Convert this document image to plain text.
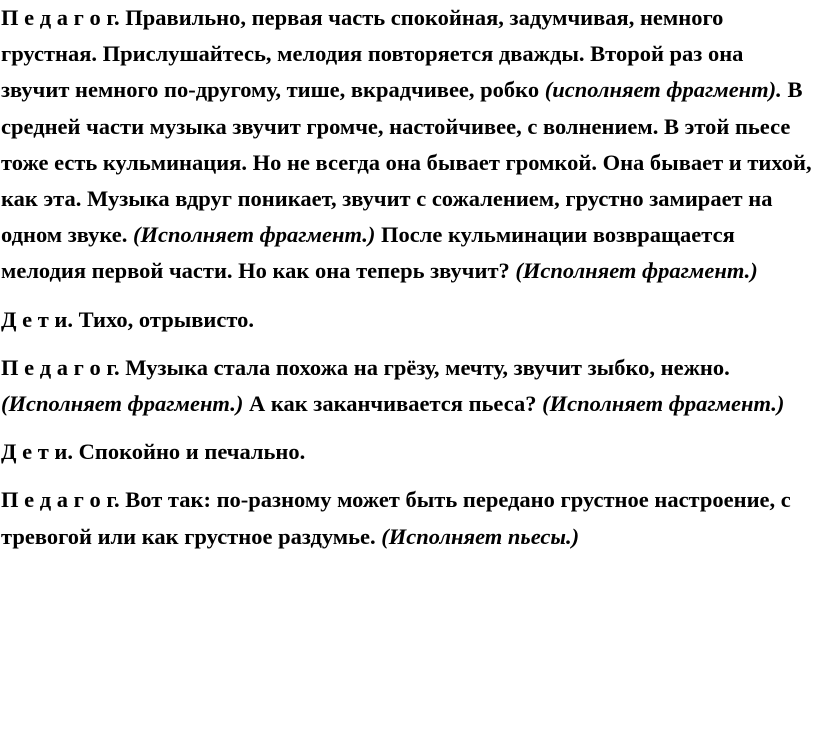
П е д а г о г. Правильно, первая часть спокойная, задумчивая, немного грустная. Прислушайтесь, мелодия повторяется дважды. Второй раз она звучит немного по-другому, тише, вкрадчивее, робко (исполняет фрагмент). В средней части музыка звучит громче, настойчивее, с волнением. В этой пьесе тоже есть кульминация. Но не всегда она бывает громкой. Она бывает и тихой, как эта. Музыка вдруг поникает, звучит с сожалением, грустно замирает на одном звуке. (Исполняет фрагмент.) После кульминации возвращается мелодия первой части. Но как она теперь звучит? (Исполняет фрагмент.)

Д е т и. Тихо, отрывисто.

П е д а г о г. Музыка стала похожа на грёзу, мечту, звучит зыбко, нежно. (Исполняет фрагмент.) А как заканчивается пьеса? (Исполняет фрагмент.)

Д е т и. Спокойно и печально.

П е д а г о г. Вот так: по-разному может быть передано грустное настроение, с тревогой или как грустное раздумье. (Исполняет пьесы.)
